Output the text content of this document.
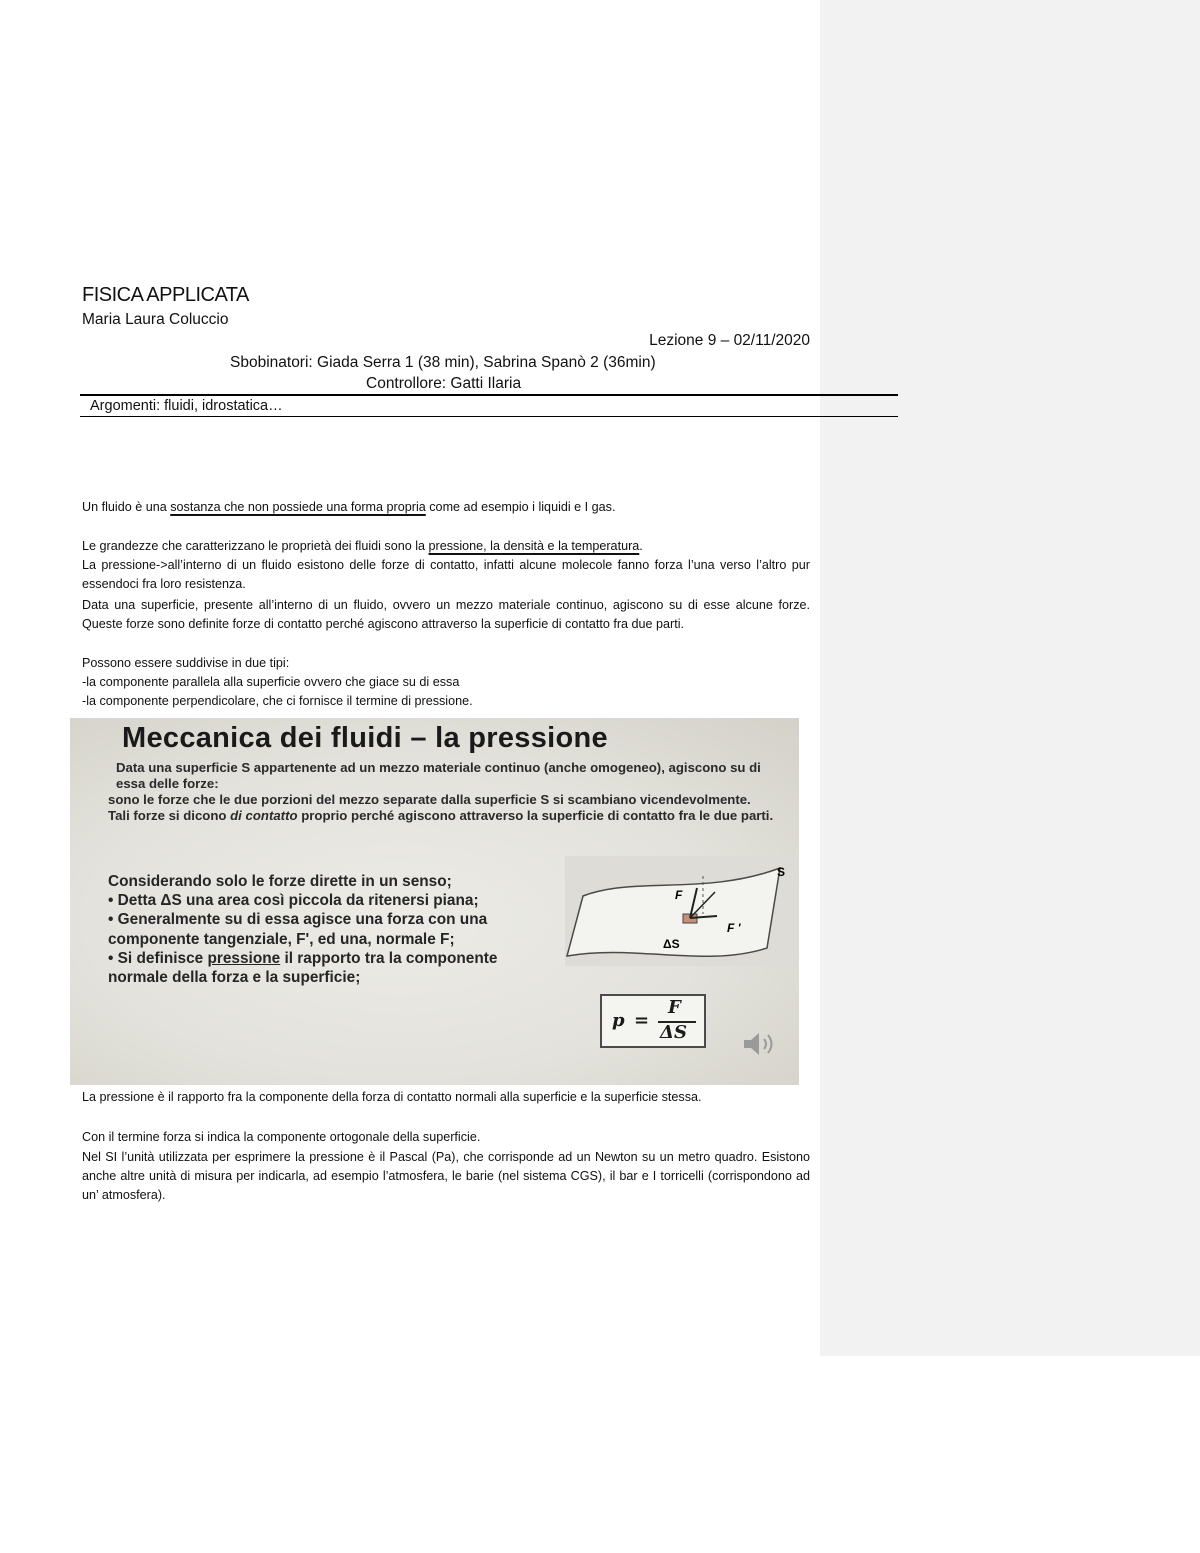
FISICA APPLICATA
Maria Laura Coluccio
Lezione 9 – 02/11/2020
Sbobinatori: Giada Serra 1 (38 min), Sabrina Spanò 2 (36min)
Controllore: Gatti Ilaria
Argomenti: fluidi, idrostatica…
Un fluido è una sostanza che non possiede una forma propria come ad esempio i liquidi e I gas.
Le grandezze che caratterizzano le proprietà dei fluidi sono la pressione, la densità e la temperatura.
La pressione->all’interno di un fluido esistono delle forze di contatto, infatti alcune molecole fanno forza l’una verso l’altro pur essendoci fra loro resistenza.
Data una superficie, presente all’interno di un fluido, ovvero un mezzo materiale continuo, agiscono su di esse alcune forze. Queste forze sono definite forze di contatto perché agiscono attraverso la superficie di contatto fra due parti.
Possono essere suddivise in due tipi:
-la componente parallela alla superficie ovvero che giace su di essa
-la componente perpendicolare, che ci fornisce il termine di pressione.
La pressione è il rapporto fra la componente della forza di contatto normali alla superficie e la superficie stessa.
Con il termine forza si indica la componente ortogonale della superficie.
Nel SI l’unità utilizzata per esprimere la pressione è il Pascal (Pa), che corrisponde ad un Newton su un metro quadro. Esistono anche altre unità di misura per indicarla, ad esempio l’atmosfera, le barie (nel sistema CGS), il bar e I torricelli (corrispondono ad un’ atmosfera).
Meccanica dei fluidi – la pressione
Data una superficie S appartenente ad un mezzo materiale continuo (anche omogeneo), agiscono su di essa delle forze:
sono le forze che le due porzioni del mezzo separate dalla superficie S si scambiano vicendevolmente.
Tali forze si dicono di contatto proprio perché agiscono attraverso la superficie di contatto fra le due parti.
Considerando solo le forze dirette in un senso;
• Detta ΔS una area così piccola da ritenersi piana;
• Generalmente su di essa agisce una forza con una componente tangenziale, F', ed una, normale F;
• Si definisce pressione il rapporto tra la componente normale della forza e la superficie;
S
F
F '
ΔS
p =
F
ΔS
